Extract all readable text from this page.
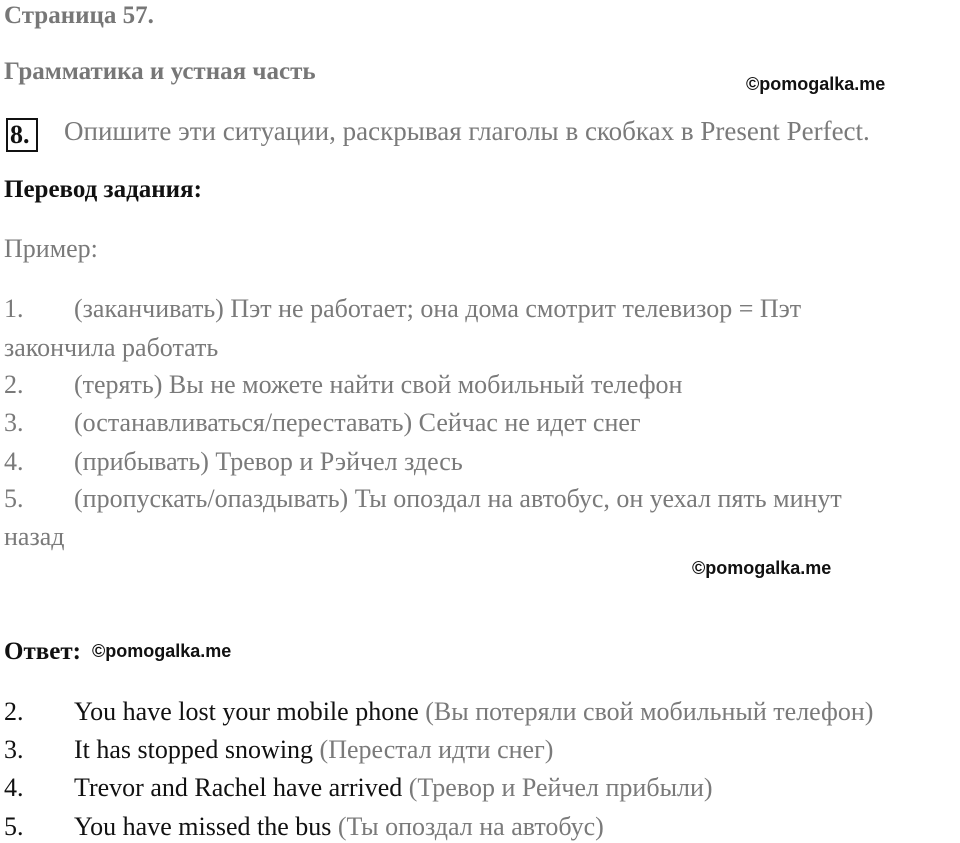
Страница 57.
Грамматика и устная часть	©pomogalka.me
8.	Опишите эти ситуации, раскрывая глаголы в скобках в Present Perfect.
Перевод задания:
Пример:
1. (заканчивать) Пэт не работает; она дома смотрит телевизор = Пэт
закончила работать
2. (терять) Вы не можете найти свой мобильный телефон
3. (останавливаться/переставать) Сейчас не идет снег
4. (прибывать) Тревор и Рэйчел здесь
5. (пропускать/опаздывать) Ты опоздал на автобус, он уехал пять минут
назад
©pomogalka.me
Ответ: ©pomogalka.me
2. You have lost your mobile phone (Вы потеряли свой мобильный телефон)
3. It has stopped snowing (Перестал идти снег)
4. Trevor and Rachel have arrived (Тревор и Рейчел прибыли)
5. You have missed the bus (Ты опоздал на автобус)
